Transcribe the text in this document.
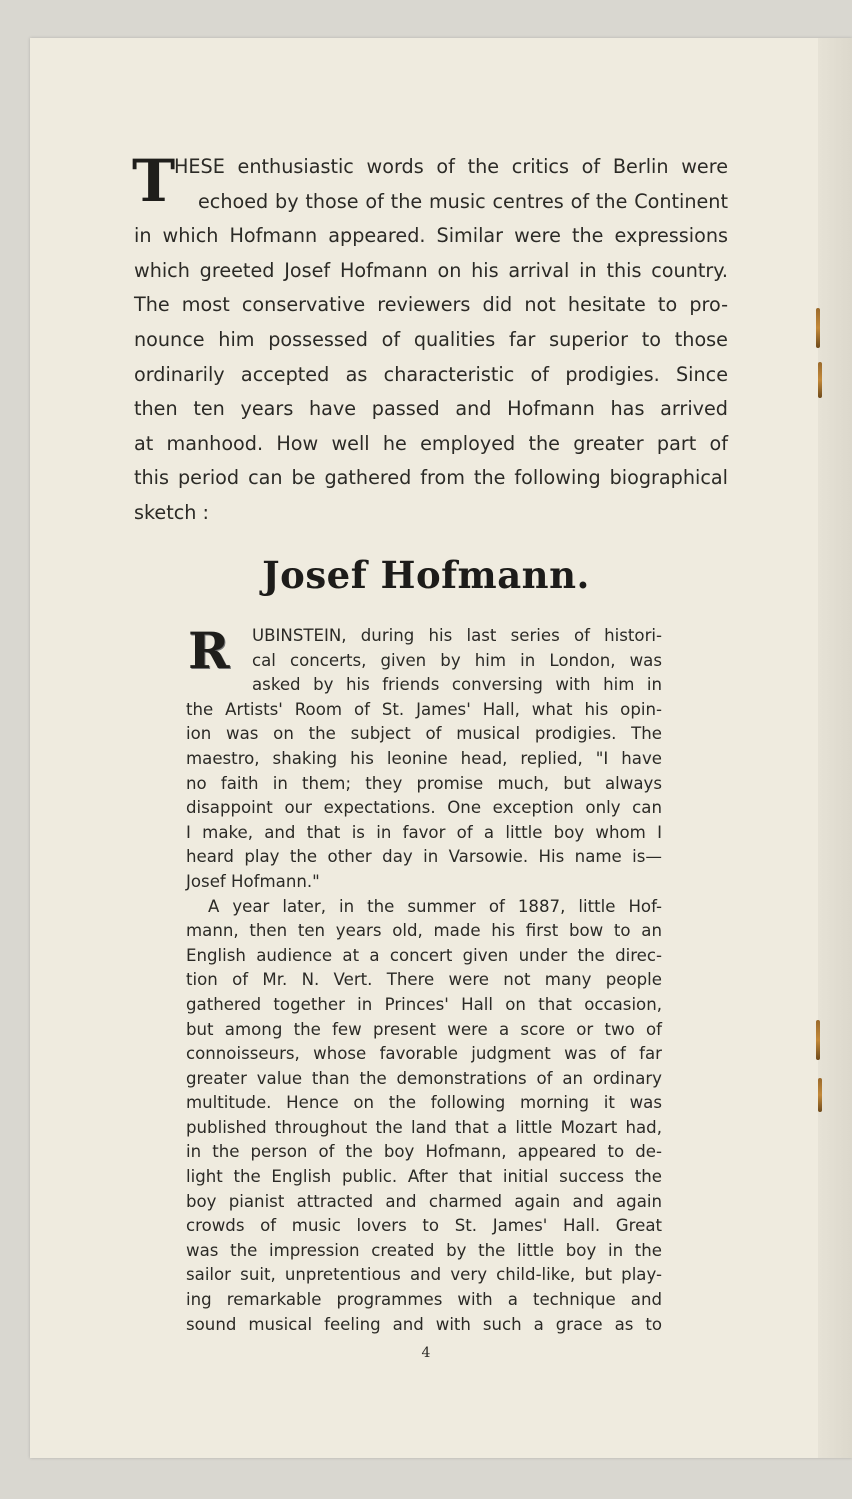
T
HESE enthusiastic words of the critics of Berlin were
echoed by those of the music centres of the Continent
in which Hofmann appeared. Similar were the expressions
which greeted Josef Hofmann on his arrival in this country.
The most conservative reviewers did not hesitate to pro-
nounce him possessed of qualities far superior to those
ordinarily accepted as characteristic of prodigies. Since
then ten years have passed and Hofmann has arrived
at manhood. How well he employed the greater part of
this period can be gathered from the following biographical
sketch :
Josef Hofmann.
R	UBINSTEIN, during his last series of histori-
cal concerts, given by him in London, was
asked by his friends conversing with him in
the Artists' Room of St. James' Hall, what his opin-
ion was on the subject of musical prodigies. The
maestro, shaking his leonine head, replied, "I have
no faith in them; they promise much, but always
disappoint our expectations. One exception only can
I make, and that is in favor of a little boy whom I
heard play the other day in Varsowie. His name is—
Josef Hofmann."
A year later, in the summer of 1887, little Hof-
mann, then ten years old, made his first bow to an
English audience at a concert given under the direc-
tion of Mr. N. Vert. There were not many people
gathered together in Princes' Hall on that occasion,
but among the few present were a score or two of
connoisseurs, whose favorable judgment was of far
greater value than the demonstrations of an ordinary
multitude. Hence on the following morning it was
published throughout the land that a little Mozart had,
in the person of the boy Hofmann, appeared to de-
light the English public. After that initial success the
boy pianist attracted and charmed again and again
crowds of music lovers to St. James' Hall. Great
was the impression created by the little boy in the
sailor suit, unpretentious and very child-like, but play-
ing remarkable programmes with a technique and
sound musical feeling and with such a grace as to
4
